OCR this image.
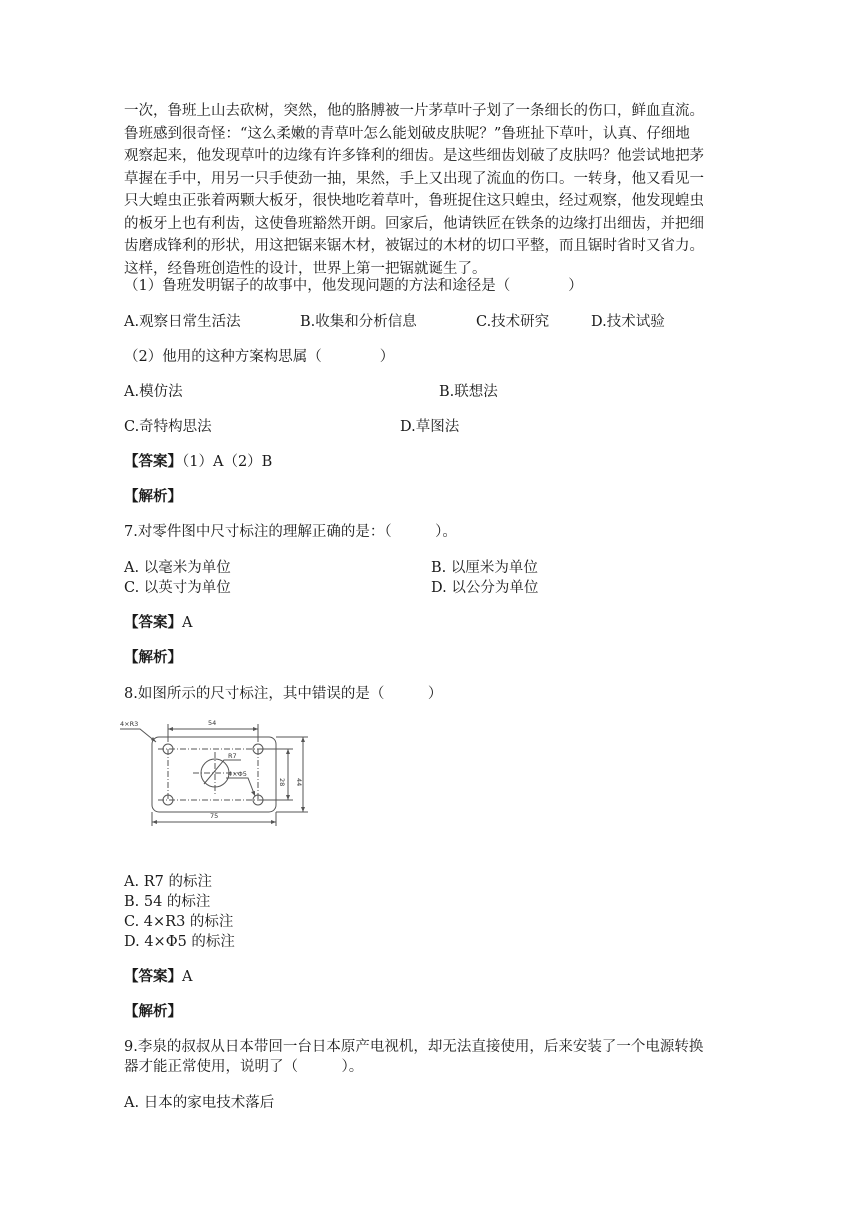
一次，鲁班上山去砍树，突然，他的胳膊被一片茅草叶子划了一条细长的伤口，鲜血直流。
鲁班感到很奇怪：“这么柔嫩的青草叶怎么能划破皮肤呢？”鲁班扯下草叶，认真、仔细地
观察起来，他发现草叶的边缘有许多锋利的细齿。是这些细齿划破了皮肤吗？他尝试地把茅
草握在手中，用另一只手使劲一抽，果然，手上又出现了流血的伤口。一转身，他又看见一
只大蝗虫正张着两颗大板牙，很快地吃着草叶，鲁班捉住这只蝗虫，经过观察，他发现蝗虫
的板牙上也有利齿，这使鲁班豁然开朗。回家后，他请铁匠在铁条的边缘打出细齿，并把细
齿磨成锋利的形状，用这把锯来锯木材，被锯过的木材的切口平整，而且锯时省时又省力。
这样，经鲁班创造性的设计，世界上第一把锯就诞生了。
（1）鲁班发明锯子的故事中，他发现问题的方法和途径是（　　　　）
A.观察日常生活法	B.收集和分析信息	C.技术研究	D.技术试验
（2）他用的这种方案构思属（　　　　）
A.模仿法	B.联想法
C.奇特构思法	D.草图法
【答案】（1）A（2）B
【解析】
7.对零件图中尺寸标注的理解正确的是：（　　　）。
A. 以毫米为单位	B. 以厘米为单位
C. 以英寸为单位	D. 以公分为单位
【答案】A
【解析】
8.如图所示的尺寸标注，其中错误的是（　　　）
4×R3	54
R7
4×Φ5
28 44
75
A. R7 的标注
B. 54 的标注
C. 4×R3 的标注
D. 4×Φ5 的标注
【答案】A
【解析】
9.李泉的叔叔从日本带回一台日本原产电视机，却无法直接使用，后来安装了一个电源转换
器才能正常使用，说明了（　　　）。
A. 日本的家电技术落后
